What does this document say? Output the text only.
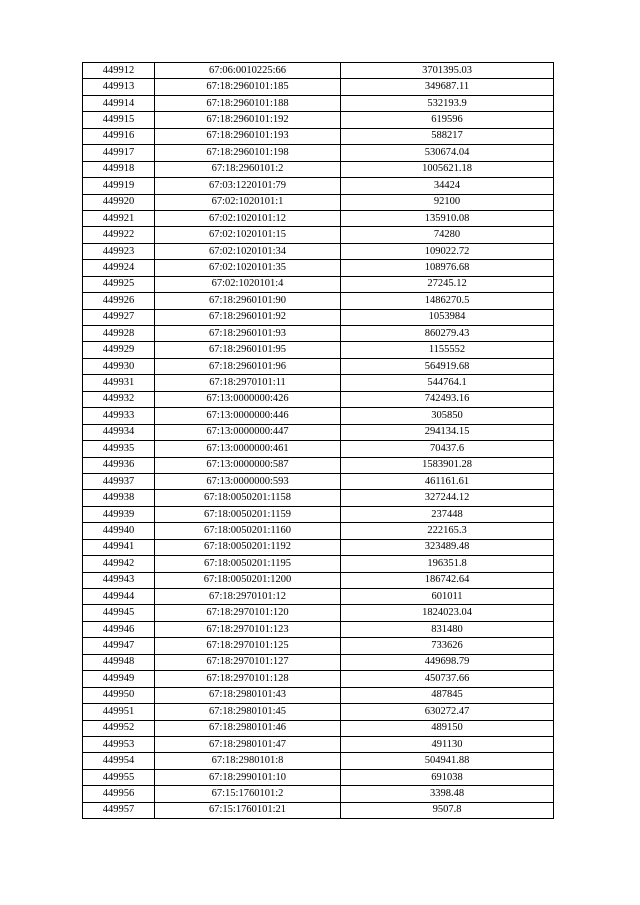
449912	67:06:0010225:66	3701395.03
449913	67:18:2960101:185	349687.11
449914	67:18:2960101:188	532193.9
449915	67:18:2960101:192	619596
449916	67:18:2960101:193	588217
449917	67:18:2960101:198	530674.04
449918	67:18:2960101:2	1005621.18
449919	67:03:1220101:79	34424
449920	67:02:1020101:1	92100
449921	67:02:1020101:12	135910.08
449922	67:02:1020101:15	74280
449923	67:02:1020101:34	109022.72
449924	67:02:1020101:35	108976.68
449925	67:02:1020101:4	27245.12
449926	67:18:2960101:90	1486270.5
449927	67:18:2960101:92	1053984
449928	67:18:2960101:93	860279.43
449929	67:18:2960101:95	1155552
449930	67:18:2960101:96	564919.68
449931	67:18:2970101:11	544764.1
449932	67:13:0000000:426	742493.16
449933	67:13:0000000:446	305850
449934	67:13:0000000:447	294134.15
449935	67:13:0000000:461	70437.6
449936	67:13:0000000:587	1583901.28
449937	67:13:0000000:593	461161.61
449938	67:18:0050201:1158	327244.12
449939	67:18:0050201:1159	237448
449940	67:18:0050201:1160	222165.3
449941	67:18:0050201:1192	323489.48
449942	67:18:0050201:1195	196351.8
449943	67:18:0050201:1200	186742.64
449944	67:18:2970101:12	601011
449945	67:18:2970101:120	1824023.04
449946	67:18:2970101:123	831480
449947	67:18:2970101:125	733626
449948	67:18:2970101:127	449698.79
449949	67:18:2970101:128	450737.66
449950	67:18:2980101:43	487845
449951	67:18:2980101:45	630272.47
449952	67:18:2980101:46	489150
449953	67:18:2980101:47	491130
449954	67:18:2980101:8	504941.88
449955	67:18:2990101:10	691038
449956	67:15:1760101:2	3398.48
449957	67:15:1760101:21	9507.8
